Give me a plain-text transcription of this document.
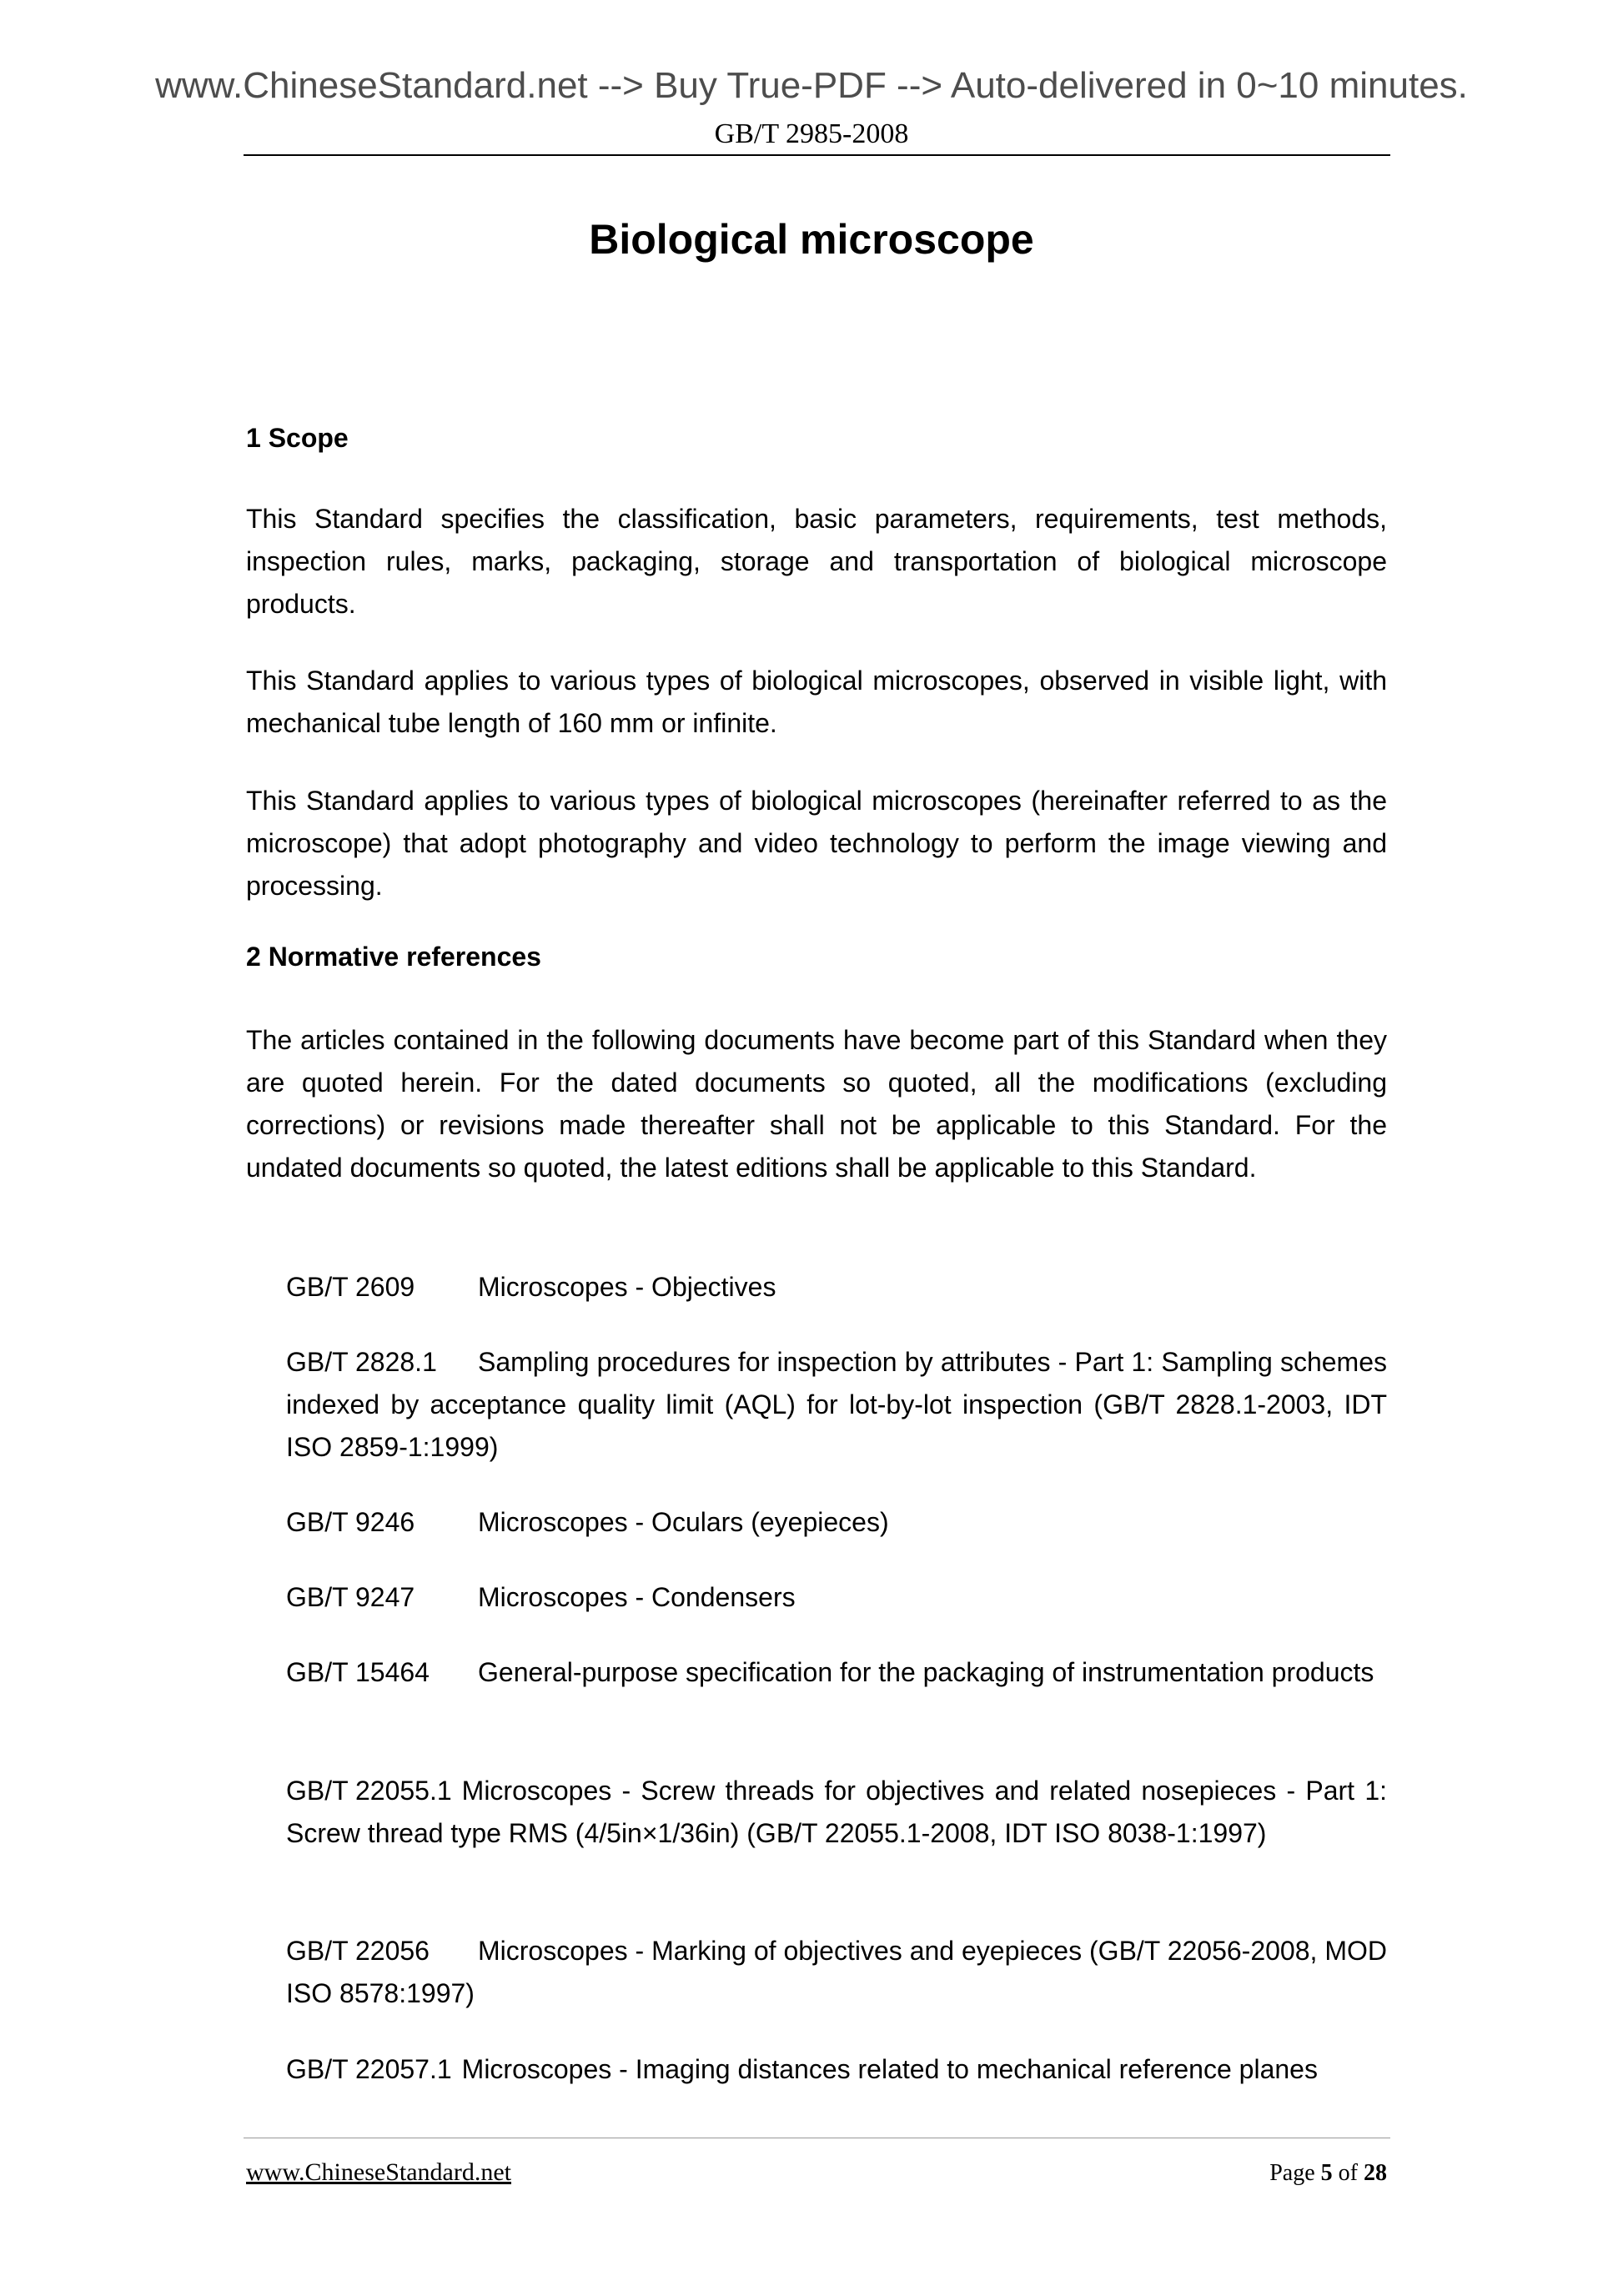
www.ChineseStandard.net --> Buy True-PDF --> Auto-delivered in 0~10 minutes.
GB/T 2985-2008
Biological microscope
1 Scope
This Standard specifies the classification, basic parameters, requirements, test methods, inspection rules, marks, packaging, storage and transportation of biological microscope products.
This Standard applies to various types of biological microscopes, observed in visible light, with mechanical tube length of 160 mm or infinite.
This Standard applies to various types of biological microscopes (hereinafter referred to as the microscope) that adopt photography and video technology to perform the image viewing and processing.
2 Normative references
The articles contained in the following documents have become part of this Standard when they are quoted herein. For the dated documents so quoted, all the modifications (excluding corrections) or revisions made thereafter shall not be applicable to this Standard. For the undated documents so quoted, the latest editions shall be applicable to this Standard.
GB/T 2609 Microscopes - Objectives
GB/T 2828.1 Sampling procedures for inspection by attributes - Part 1: Sampling schemes indexed by acceptance quality limit (AQL) for lot-by-lot inspection (GB/T 2828.1-2003, IDT ISO 2859-1:1999)
GB/T 9246 Microscopes - Oculars (eyepieces)
GB/T 9247 Microscopes - Condensers
GB/T 15464 General-purpose specification for the packaging of instrumentation products
GB/T 22055.1 Microscopes - Screw threads for objectives and related nosepieces - Part 1: Screw thread type RMS (4/5in×1/36in) (GB/T 22055.1-2008, IDT ISO 8038-1:1997)
GB/T 22056 Microscopes - Marking of objectives and eyepieces (GB/T 22056-2008, MOD ISO 8578:1997)
GB/T 22057.1 Microscopes - Imaging distances related to mechanical reference planes
www.ChineseStandard.net	Page 5 of 28
